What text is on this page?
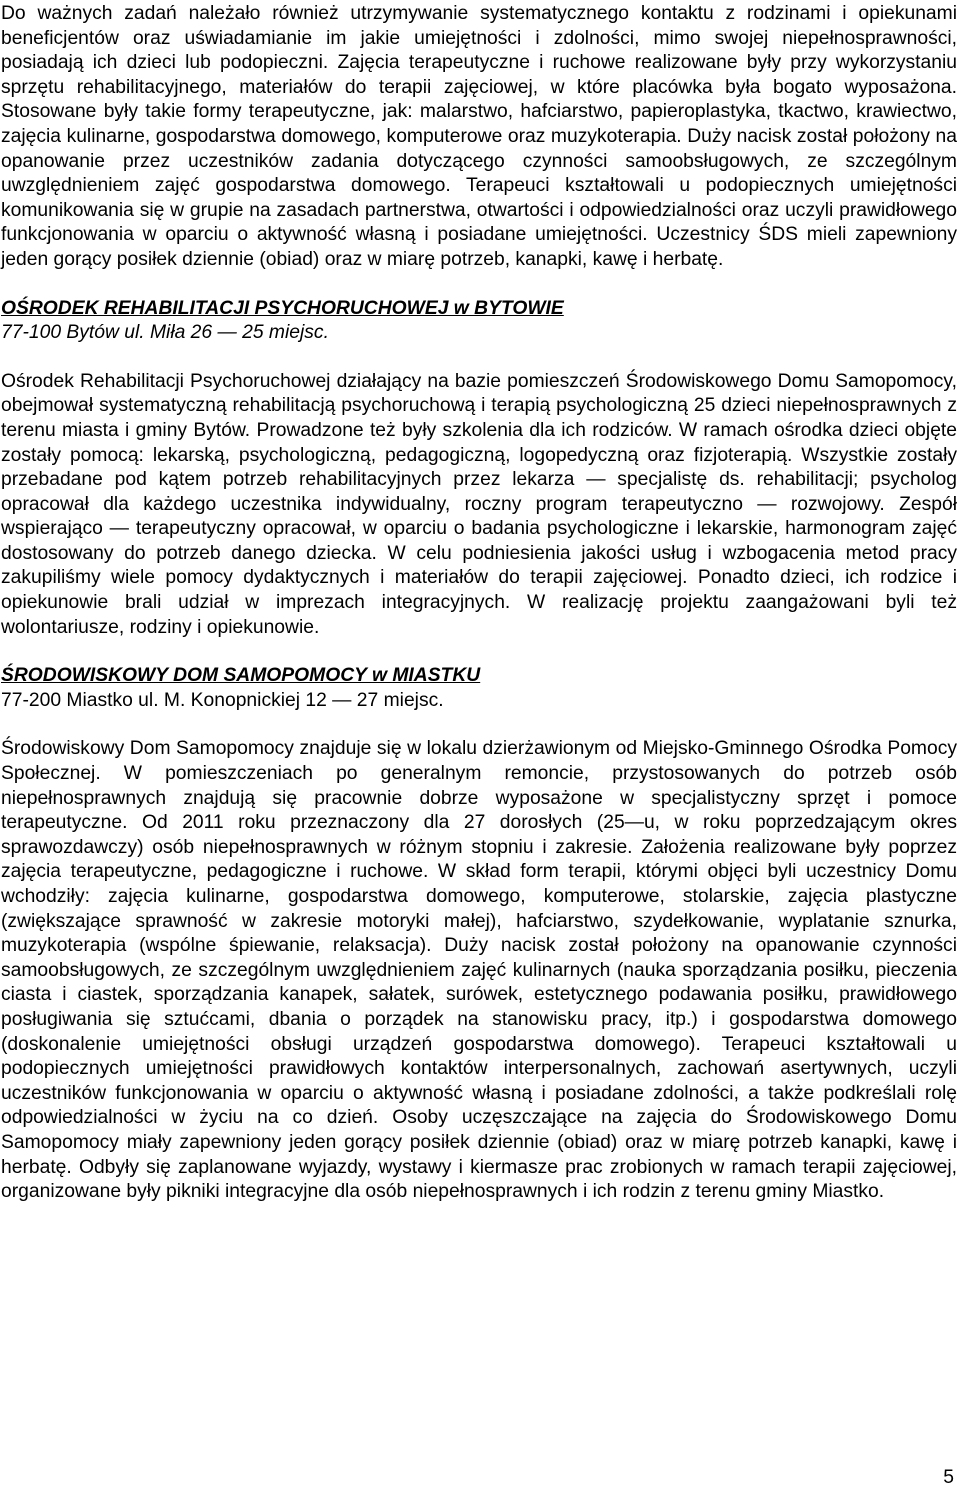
Do ważnych zadań należało również utrzymywanie systematycznego kontaktu z rodzinami i opiekunami beneficjentów oraz uświadamianie im jakie umiejętności i zdolności, mimo swojej niepełnosprawności, posiadają ich dzieci lub podopieczni. Zajęcia terapeutyczne i ruchowe realizowane były przy wykorzystaniu sprzętu rehabilitacyjnego, materiałów do terapii zajęciowej, w które placówka była bogato wyposażona. Stosowane były takie formy terapeutyczne, jak: malarstwo, hafciarstwo, papieroplastyka, tkactwo, krawiectwo, zajęcia kulinarne, gospodarstwa domowego, komputerowe oraz muzykoterapia. Duży nacisk został położony na opanowanie przez uczestników zadania dotyczącego czynności samoobsługowych, ze szczególnym uwzględnieniem zajęć gospodarstwa domowego. Terapeuci kształtowali u podopiecznych umiejętności komunikowania się w grupie na zasadach partnerstwa, otwartości i odpowiedzialności oraz uczyli prawidłowego funkcjonowania w oparciu o aktywność własną i posiadane umiejętności. Uczestnicy ŚDS mieli zapewniony jeden gorący posiłek dziennie (obiad) oraz w miarę potrzeb, kanapki, kawę i herbatę.

OŚRODEK REHABILITACJI PSYCHORUCHOWEJ w BYTOWIE

77-100 Bytów ul. Miła 26 — 25 miejsc.

Ośrodek Rehabilitacji Psychoruchowej działający na bazie pomieszczeń Środowiskowego Domu Samopomocy, obejmował systematyczną rehabilitacją psychoruchową i terapią psychologiczną 25 dzieci niepełnosprawnych z terenu miasta i gminy Bytów. Prowadzone też były szkolenia dla ich rodziców. W ramach ośrodka dzieci objęte zostały pomocą: lekarską, psychologiczną, pedagogiczną, logopedyczną oraz fizjoterapią. Wszystkie zostały przebadane pod kątem potrzeb rehabilitacyjnych przez lekarza — specjalistę ds. rehabilitacji; psycholog opracował dla każdego uczestnika indywidualny, roczny program terapeutyczno — rozwojowy. Zespół wspierająco — terapeutyczny opracował, w oparciu o badania psychologiczne i lekarskie, harmonogram zajęć dostosowany do potrzeb danego dziecka. W celu podniesienia jakości usług i wzbogacenia metod pracy zakupiliśmy wiele pomocy dydaktycznych i materiałów do terapii zajęciowej. Ponadto dzieci, ich rodzice i opiekunowie brali udział w imprezach integracyjnych. W realizację projektu zaangażowani byli też wolontariusze, rodziny i opiekunowie.

ŚRODOWISKOWY DOM SAMOPOMOCY w MIASTKU

77-200 Miastko ul. M. Konopnickiej 12 — 27 miejsc.

Środowiskowy Dom Samopomocy znajduje się w lokalu dzierżawionym od Miejsko-Gminnego Ośrodka Pomocy Społecznej. W pomieszczeniach po generalnym remoncie, przystosowanych do potrzeb osób niepełnosprawnych znajdują się pracownie dobrze wyposażone w specjalistyczny sprzęt i pomoce terapeutyczne. Od 2011 roku przeznaczony dla 27 dorosłych (25—u, w roku poprzedzającym okres sprawozdawczy) osób niepełnosprawnych w różnym stopniu i zakresie. Założenia realizowane były poprzez zajęcia terapeutyczne, pedagogiczne i ruchowe. W skład form terapii, którymi objęci byli uczestnicy Domu wchodziły: zajęcia kulinarne, gospodarstwa domowego, komputerowe, stolarskie, zajęcia plastyczne (zwiększające sprawność w zakresie motoryki małej), hafciarstwo, szydełkowanie, wyplatanie sznurka, muzykoterapia (wspólne śpiewanie, relaksacja). Duży nacisk został położony na opanowanie czynności samoobsługowych, ze szczególnym uwzględnieniem zajęć kulinarnych (nauka sporządzania posiłku, pieczenia ciasta i ciastek, sporządzania kanapek, sałatek, surówek, estetycznego podawania posiłku, prawidłowego posługiwania się sztućcami, dbania o porządek na stanowisku pracy, itp.) i gospodarstwa domowego (doskonalenie umiejętności obsługi urządzeń gospodarstwa domowego). Terapeuci kształtowali u podopiecznych umiejętności prawidłowych kontaktów interpersonalnych, zachowań asertywnych, uczyli uczestników funkcjonowania w oparciu o aktywność własną i posiadane zdolności, a także podkreślali rolę odpowiedzialności w życiu na co dzień. Osoby uczęszczające na zajęcia do Środowiskowego Domu Samopomocy miały zapewniony jeden gorący posiłek dziennie (obiad) oraz w miarę potrzeb kanapki, kawę i herbatę. Odbyły się zaplanowane wyjazdy, wystawy i kiermasze prac zrobionych w ramach terapii zajęciowej, organizowane były pikniki integracyjne dla osób niepełnosprawnych i ich rodzin z terenu gminy Miastko.

5
